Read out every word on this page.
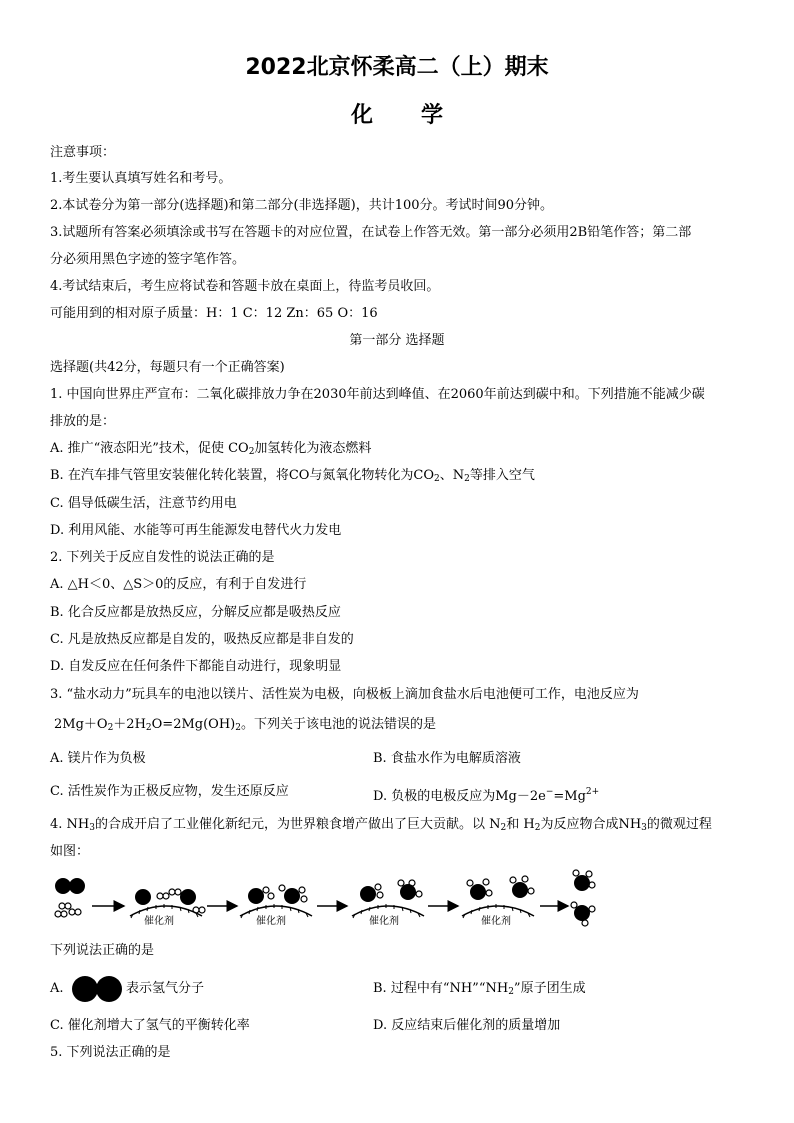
2022北京怀柔高二（上）期末
化学
注意事项：
1.考生要认真填写姓名和考号。
2.本试卷分为第一部分(选择题)和第二部分(非选择题)，共计100分。考试时间90分钟。
3.试题所有答案必须填涂或书写在答题卡的对应位置，在试卷上作答无效。第一部分必须用2B铅笔作答；第二部
分必须用黑色字迹的签字笔作答。
4.考试结束后，考生应将试卷和答题卡放在桌面上，待监考员收回。
可能用到的相对原子质量：H：1 C：12 Zn：65 O：16
第一部分 选择题
选择题(共42分，每题只有一个正确答案)
1. 中国向世界庄严宣布：二氧化碳排放力争在2030年前达到峰值、在2060年前达到碳中和。下列措施不能减少碳
排放的是：
A. 推广“液态阳光”技术，促使 $CO_2$加氢转化为液态燃料
B. 在汽车排气管里安装催化转化装置，将CO与氮氧化物转化为$CO_2$、$N_2$等排入空气
C. 倡导低碳生活，注意节约用电
D. 利用风能、水能等可再生能源发电替代火力发电
2. 下列关于反应自发性的说法正确的是
A. △H＜0、△S＞0的反应，有利于自发进行
B. 化合反应都是放热反应，分解反应都是吸热反应
C. 凡是放热反应都是自发的，吸热反应都是非自发的
D. 自发反应在任何条件下都能自动进行，现象明显
3. “盐水动力”玩具车的电池以镁片、活性炭为电极，向极板上滴加食盐水后电池便可工作，电池反应为
$2Mg+O_2+2H_2O=2Mg(OH)_2$。下列关于该电池的说法错误的是
A. 镁片作为负极	B. 食盐水作为电解质溶液
C. 活性炭作为正极反应物，发生还原反应	D. 负极的电极反应为$Mg-2e^-=Mg^{2+}$
4. $NH_3$的合成开启了工业催化新纪元，为世界粮食增产做出了巨大贡献。以 $N_2$和 $H_2$为反应物合成$NH_3$的微观过程
如图：
催化剂	催化剂	催化剂	催化剂
下列说法正确的是
A.	表示氢气分子	B. 过程中有“$NH”“NH_2$”原子团生成
C. 催化剂增大了氢气的平衡转化率	D. 反应结束后催化剂的质量增加
5. 下列说法正确的是
